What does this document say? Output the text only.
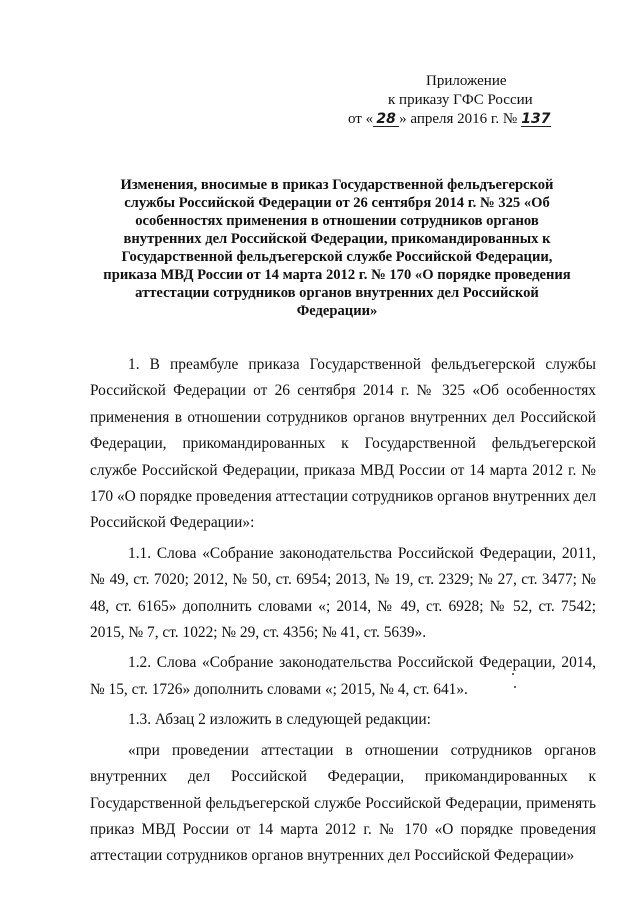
Приложение
к приказу ГФС России
от « 28 » апреля 2016 г. № 137
Изменения, вносимые в приказ Государственной фельдъегерской службы Российской Федерации от 26 сентября 2014 г. № 325 «Об особенностях применения в отношении сотрудников органов внутренних дел Российской Федерации, прикомандированных к Государственной фельдъегерской службе Российской Федерации, приказа МВД России от 14 марта 2012 г. № 170 «О порядке проведения аттестации сотрудников органов внутренних дел Российской Федерации»

1. В преамбуле приказа Государственной фельдъегерской службы Российской Федерации от 26 сентября 2014 г. № 325 «Об особенностях применения в отношении сотрудников органов внутренних дел Российской Федерации, прикомандированных к Государственной фельдъегерской службе Российской Федерации, приказа МВД России от 14 марта 2012 г. № 170 «О порядке проведения аттестации сотрудников органов внутренних дел Российской Федерации»:

1.1. Слова «Собрание законодательства Российской Федерации, 2011, № 49, ст. 7020; 2012, № 50, ст. 6954; 2013, № 19, ст. 2329; № 27, ст. 3477; № 48, ст. 6165» дополнить словами «; 2014, № 49, ст. 6928; № 52, ст. 7542; 2015, № 7, ст. 1022; № 29, ст. 4356; № 41, ст. 5639».

1.2. Слова «Собрание законодательства Российской Федерации, 2014, № 15, ст. 1726» дополнить словами «; 2015, № 4, ст. 641».

1.3. Абзац 2 изложить в следующей редакции:

«при проведении аттестации в отношении сотрудников органов внутренних дел Российской Федерации, прикомандированных к Государственной фельдъегерской службе Российской Федерации, применять приказ МВД России от 14 марта 2012 г. № 170 «О порядке проведения аттестации сотрудников органов внутренних дел Российской Федерации»
